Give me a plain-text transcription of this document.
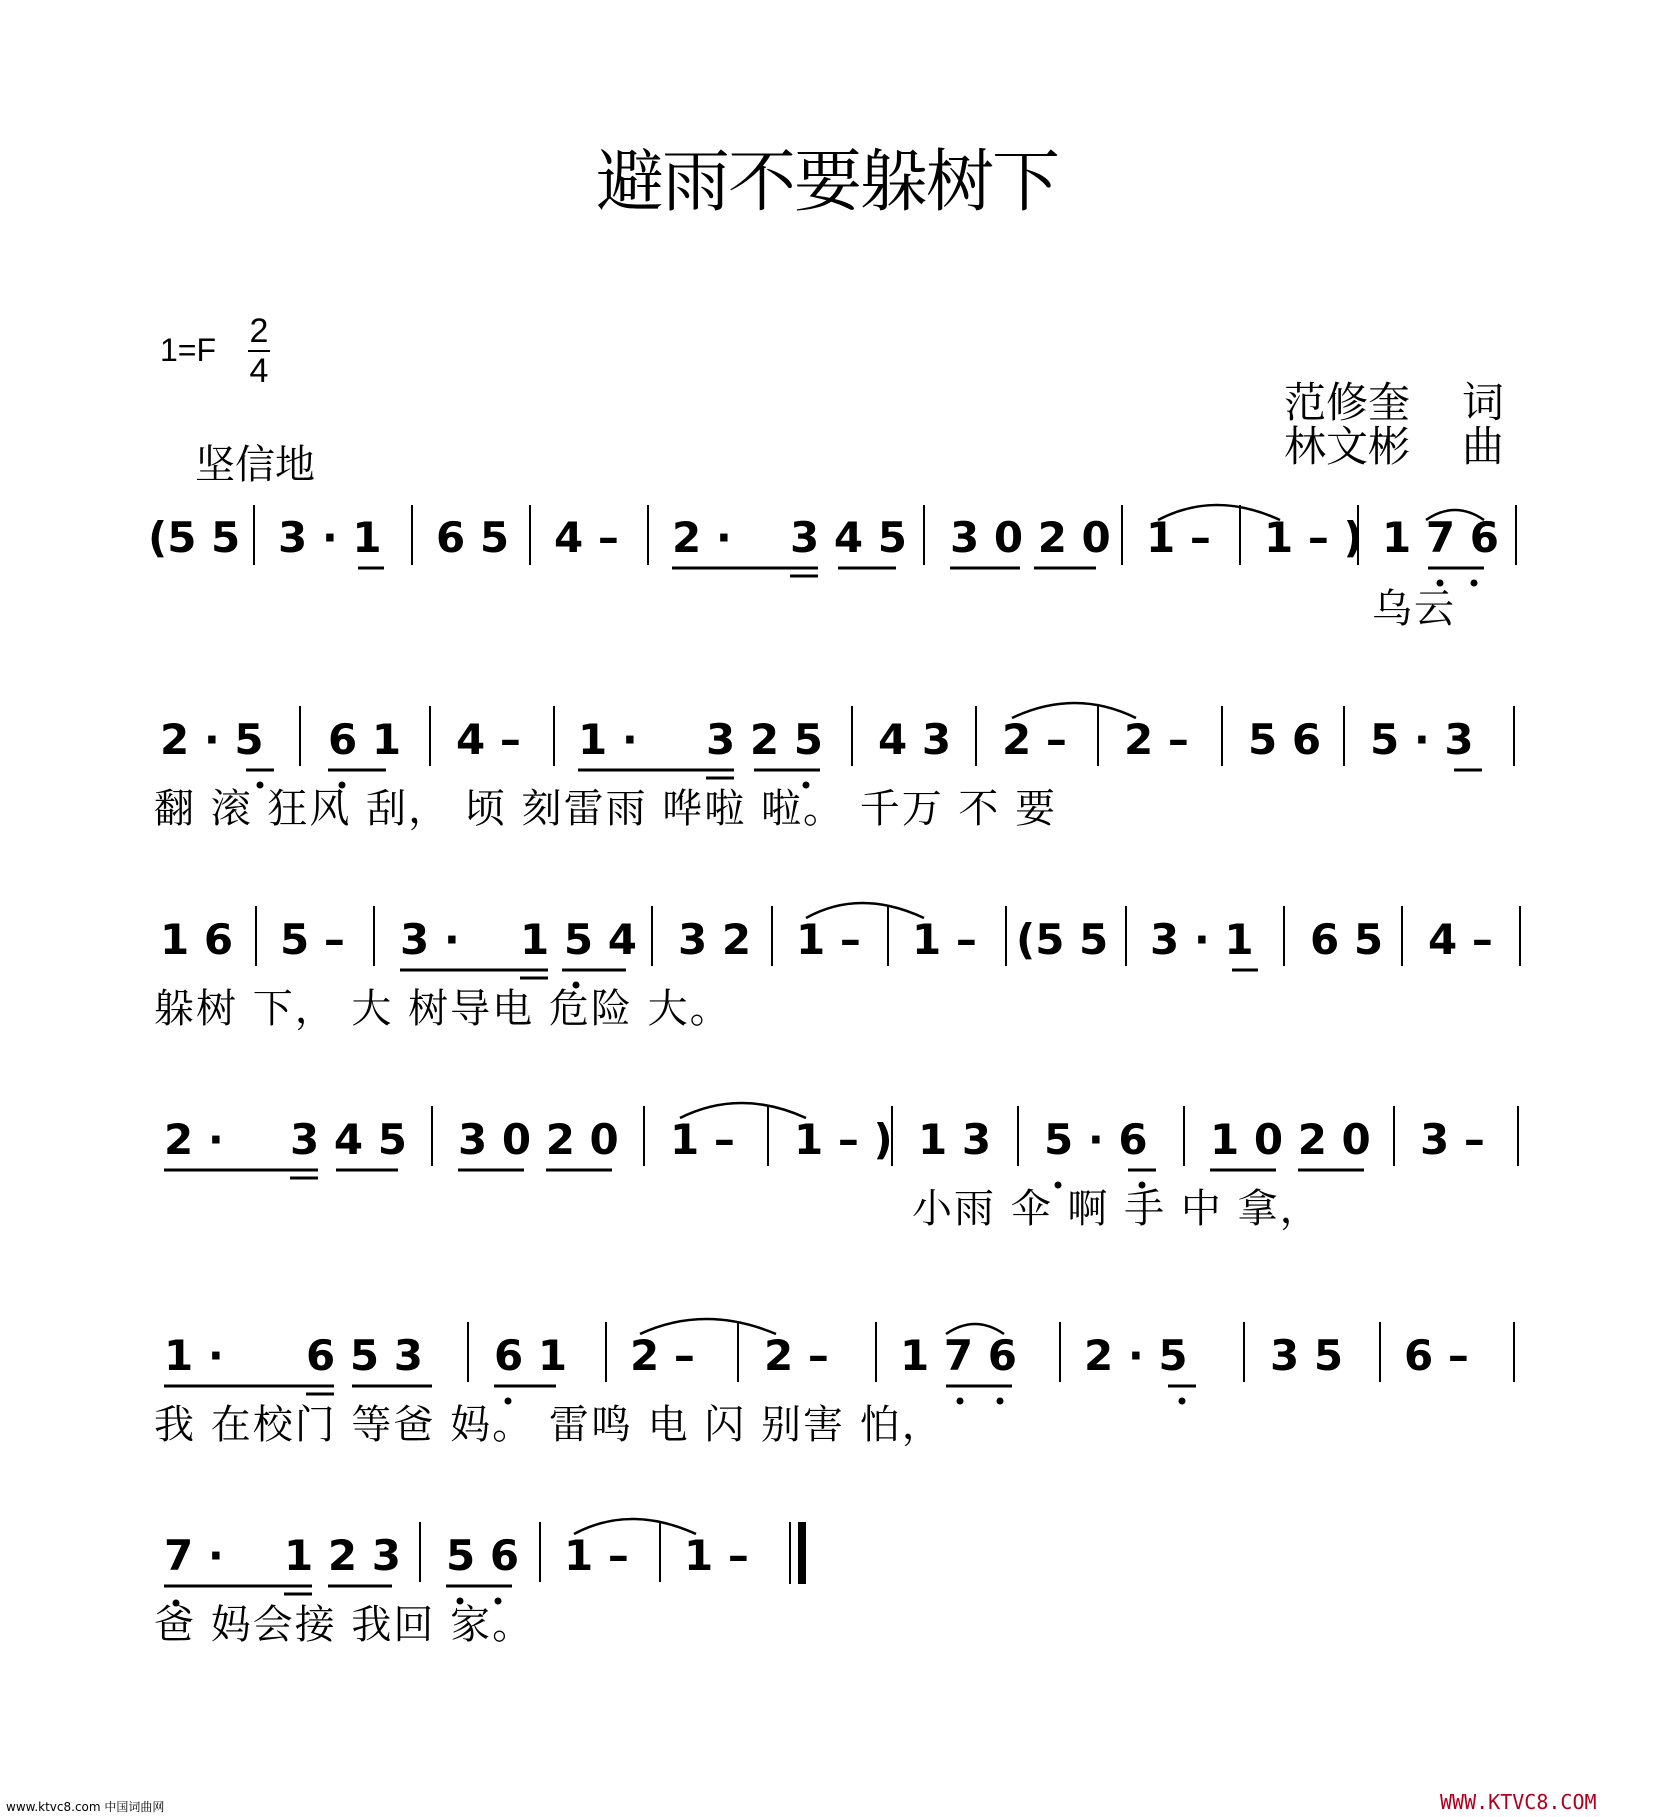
避雨不要躲树下
1=F 2
4
范修奎 词
林文彬 曲
坚信地
(5 5 3 · 1 6 5 4 – 2 · 3 4 5 3 0 2 0 1 – 1 – ) 1 7 6
乌云
2 · 5 6 1 4 – 1 · 3 2 5 4 3 2 – 2 – 5 6 5 · 3
翻 滚 狂风 刮， 顷 刻雷雨 哗啦 啦。 千万 不 要
1 6 5 – 3 · 1 5 4 3 2 1 – 1 – (5 5 3 · 1 6 5 4 –
躲树 下， 大 树导电 危险 大。
2 · 3 4 5 3 0 2 0 1 – 1 – ) 1 3 5 · 6 1 0 2 0 3 –
小雨 伞 啊 手 中 拿，
1 · 6 5 3 6 1 2 – 2 – 1 7 6 2 · 5 3 5 6 –
我 在校门 等爸 妈。 雷鸣 电 闪 别害 怕，
7 · 1 2 3 5 6 1 – 1 –
爸 妈会接 我回 家。
www.ktvc8.com 中国词曲网	WWW.KTVC8.COM
